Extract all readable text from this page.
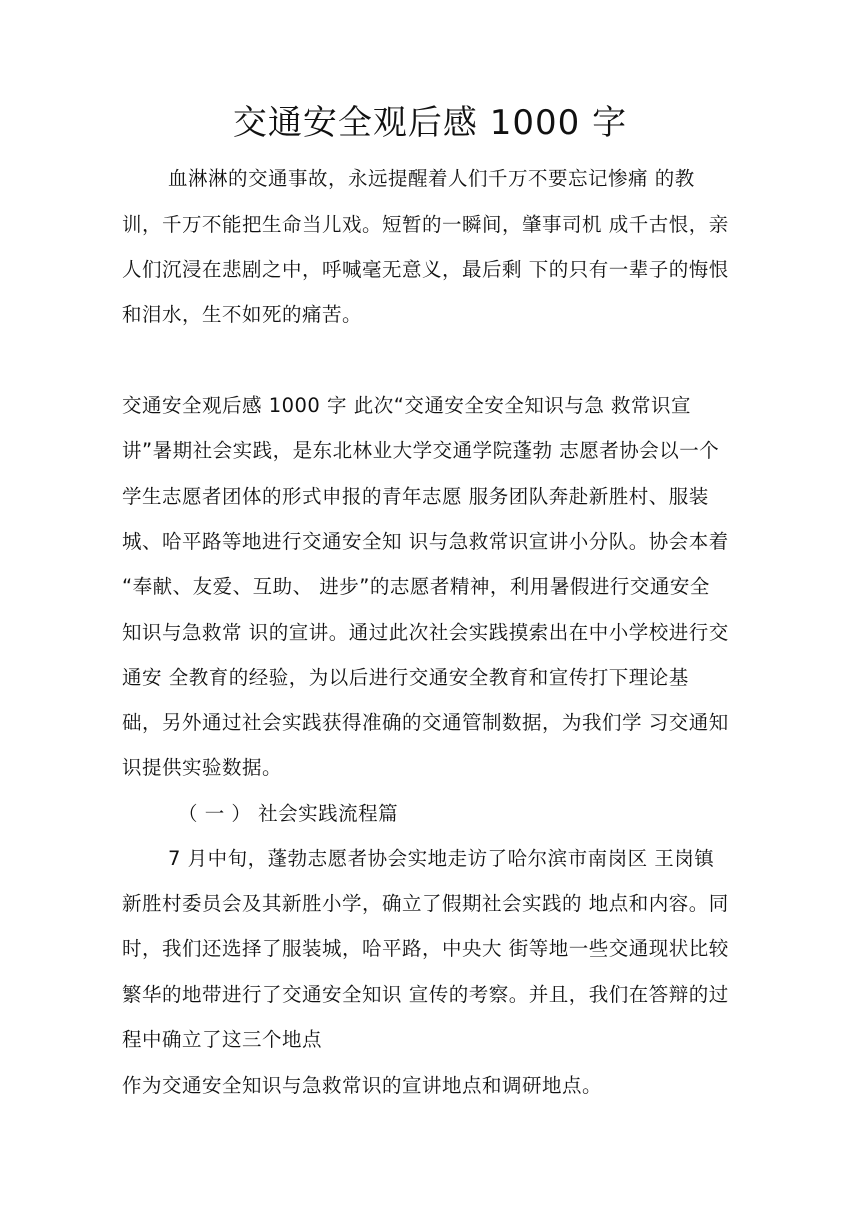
交通安全观后感 1000 字
血淋淋的交通事故，永远提醒着人们千万不要忘记惨痛 的教
训，千万不能把生命当儿戏。短暂的一瞬间，肇事司机 成千古恨，亲
人们沉浸在悲剧之中，呼喊毫无意义，最后剩 下的只有一辈子的悔恨
和泪水，生不如死的痛苦。
交通安全观后感 1000 字 此次“交通安全安全知识与急 救常识宣
讲”暑期社会实践，是东北林业大学交通学院蓬勃 志愿者协会以一个
学生志愿者团体的形式申报的青年志愿 服务团队奔赴新胜村、服装
城、哈平路等地进行交通安全知 识与急救常识宣讲小分队。协会本着
“奉献、友爱、互助、 进步”的志愿者精神，利用暑假进行交通安全
知识与急救常 识的宣讲。通过此次社会实践摸索出在中小学校进行交
通安 全教育的经验，为以后进行交通安全教育和宣传打下理论基
础，另外通过社会实践获得准确的交通管制数据，为我们学 习交通知
识提供实验数据。
（ 一 ） 社会实践流程篇
7 月中旬，蓬勃志愿者协会实地走访了哈尔滨市南岗区 王岗镇
新胜村委员会及其新胜小学，确立了假期社会实践的 地点和内容。同
时，我们还选择了服装城，哈平路，中央大 街等地一些交通现状比较
繁华的地带进行了交通安全知识 宣传的考察。并且，我们在答辩的过
程中确立了这三个地点
作为交通安全知识与急救常识的宣讲地点和调研地点。
